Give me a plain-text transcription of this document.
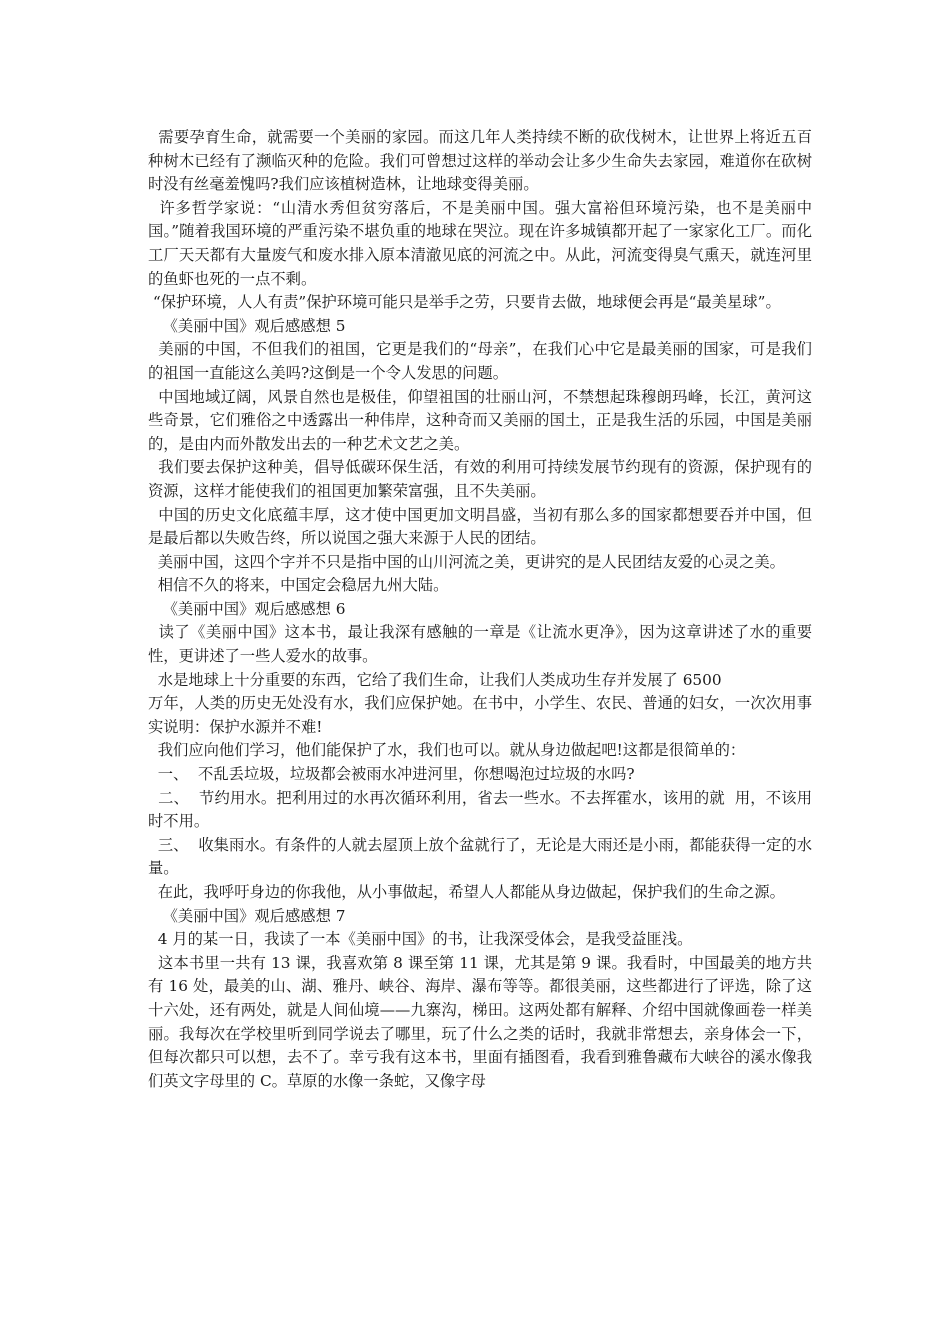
需要孕育生命，就需要一个美丽的家园。而这几年人类持续不断的砍伐树木，让世界上将近五百种树木已经有了濒临灭种的危险。我们可曾想过这样的举动会让多少生命失去家园，难道你在砍树时没有丝毫羞愧吗?我们应该植树造林，让地球变得美丽。

许多哲学家说：“山清水秀但贫穷落后，不是美丽中国。强大富裕但环境污染，也不是美丽中国。”随着我国环境的严重污染不堪负重的地球在哭泣。现在许多城镇都开起了一家家化工厂。而化工厂天天都有大量废气和废水排入原本清澈见底的河流之中。从此，河流变得臭气熏天，就连河里的鱼虾也死的一点不剩。

“保护环境，人人有责”保护环境可能只是举手之劳，只要肯去做，地球便会再是“最美星球”。

《美丽中国》观后感感想 5

美丽的中国，不但我们的祖国，它更是我们的“母亲”，在我们心中它是最美丽的国家，可是我们的祖国一直能这么美吗?这倒是一个令人发思的问题。

中国地域辽阔，风景自然也是极佳，仰望祖国的壮丽山河，不禁想起珠穆朗玛峰，长江，黄河这些奇景，它们雅俗之中透露出一种伟岸，这种奇而又美丽的国土，正是我生活的乐园，中国是美丽的，是由内而外散发出去的一种艺术文艺之美。

我们要去保护这种美，倡导低碳环保生活，有效的利用可持续发展节约现有的资源，保护现有的资源，这样才能使我们的祖国更加繁荣富强，且不失美丽。

中国的历史文化底蕴丰厚，这才使中国更加文明昌盛，当初有那么多的国家都想要吞并中国，但是最后都以失败告终，所以说国之强大来源于人民的团结。

美丽中国，这四个字并不只是指中国的山川河流之美，更讲究的是人民团结友爱的心灵之美。

相信不久的将来，中国定会稳居九州大陆。

《美丽中国》观后感感想 6

读了《美丽中国》这本书，最让我深有感触的一章是《让流水更净》，因为这章讲述了水的重要性，更讲述了一些人爱水的故事。

水是地球上十分重要的东西，它给了我们生命，让我们人类成功生存并发展了 6500
万年，人类的历史无处没有水，我们应保护她。在书中，小学生、农民、普通的妇女，一次次用事实说明：保护水源并不难!

我们应向他们学习，他们能保护了水，我们也可以。就从身边做起吧!这都是很简单的：

一、  不乱丢垃圾，垃圾都会被雨水冲进河里，你想喝泡过垃圾的水吗?

二、  节约用水。把利用过的水再次循环利用，省去一些水。不去挥霍水，该用的就  用，不该用时不用。

三、  收集雨水。有条件的人就去屋顶上放个盆就行了，无论是大雨还是小雨，都能获得一定的水量。

在此，我呼吁身边的你我他，从小事做起，希望人人都能从身边做起，保护我们的生命之源。

《美丽中国》观后感感想 7

4 月的某一日，我读了一本《美丽中国》的书，让我深受体会，是我受益匪浅。

这本书里一共有 13 课，我喜欢第 8 课至第 11 课，尤其是第 9 课。我看时，中国最美的地方共有 16 处，最美的山、湖、雅丹、峡谷、海岸、瀑布等等。都很美丽，这些都进行了评选，除了这十六处，还有两处，就是人间仙境——九寨沟，梯田。这两处都有解释、介绍中国就像画卷一样美丽。我每次在学校里听到同学说去了哪里，玩了什么之类的话时，我就非常想去，亲身体会一下，但每次都只可以想，去不了。幸亏我有这本书，里面有插图看，我看到雅鲁藏布大峡谷的溪水像我们英文字母里的 C。草原的水像一条蛇，又像字母
